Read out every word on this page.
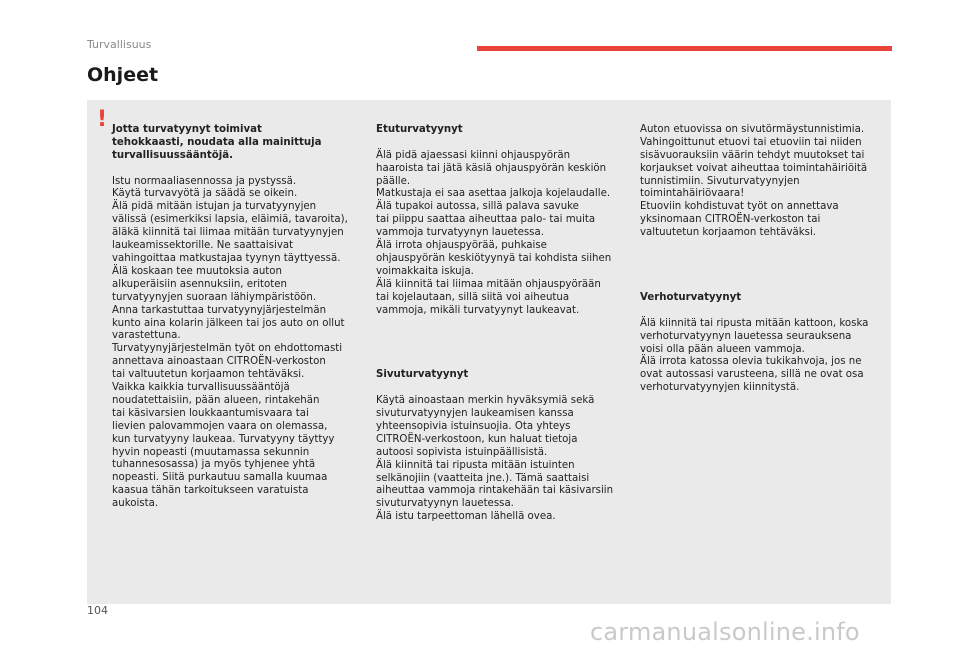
Turvallisuus
Ohjeet
! Jotta turvatyynyt toimivat
tehokkaasti, noudata alla mainittuja
turvallisuussääntöjä.

Istu normaaliasennossa ja pystyssä.
Käytä turvavyötä ja säädä se oikein.
Älä pidä mitään istujan ja turvatyynyjen
välissä (esimerkiksi lapsia, eläimiä, tavaroita),
äläkä kiinnitä tai liimaa mitään turvatyynyjen
laukeamissektorille. Ne saattaisivat
vahingoittaa matkustajaa tyynyn täyttyessä.
Älä koskaan tee muutoksia auton
alkuperäisiin asennuksiin, eritoten
turvatyynyjen suoraan lähiympäristöön.
Anna tarkastuttaa turvatyynyjärjestelmän
kunto aina kolarin jälkeen tai jos auto on ollut
varastettuna.
Turvatyynyjärjestelmän työt on ehdottomasti
annettava ainoastaan CITROËN-verkoston
tai valtuutetun korjaamon tehtäväksi.
Vaikka kaikkia turvallisuussääntöjä
noudatettaisiin, pään alueen, rintakehän
tai käsivarsien loukkaantumisvaara tai
lievien palovammojen vaara on olemassa,
kun turvatyyny laukeaa. Turvatyyny täyttyy
hyvin nopeasti (muutamassa sekunnin
tuhannesosassa) ja myös tyhjenee yhtä
nopeasti. Siitä purkautuu samalla kuumaa
kaasua tähän tarkoitukseen varatuista
aukoista.

Etuturvatyynyt

Älä pidä ajaessasi kiinni ohjauspyörän
haaroista tai jätä käsiä ohjauspyörän keskiön
päälle.
Matkustaja ei saa asettaa jalkoja kojelaudalle.
Älä tupakoi autossa, sillä palava savuke
tai piippu saattaa aiheuttaa palo- tai muita
vammoja turvatyynyn lauetessa.
Älä irrota ohjauspyörää, puhkaise
ohjauspyörän keskiötyynyä tai kohdista siihen
voimakkaita iskuja.
Älä kiinnitä tai liimaa mitään ohjauspyörään
tai kojelautaan, sillä siitä voi aiheutua
vammoja, mikäli turvatyynyt laukeavat.

Sivuturvatyynyt

Käytä ainoastaan merkin hyväksymiä sekä
sivuturvatyynyjen laukeamisen kanssa
yhteensopivia istuinsuojia. Ota yhteys
CITROËN-verkostoon, kun haluat tietoja
autoosi sopivista istuinpäällisistä.
Älä kiinnitä tai ripusta mitään istuinten
selkänojiin (vaatteita jne.). Tämä saattaisi
aiheuttaa vammoja rintakehään tai käsivarsiin
sivuturvatyynyn lauetessa.
Älä istu tarpeettoman lähellä ovea.

Auton etuovissa on sivutörmäystunnistimia.
Vahingoittunut etuovi tai etuoviin tai niiden
sisävuorauksiin väärin tehdyt muutokset tai
korjaukset voivat aiheuttaa toimintahäiriöitä
tunnistimiin. Sivuturvatyynyjen
toimintahäiriövaara!
Etuoviin kohdistuvat työt on annettava
yksinomaan CITROËN-verkoston tai
valtuutetun korjaamon tehtäväksi.

Verhoturvatyynyt

Älä kiinnitä tai ripusta mitään kattoon, koska
verhoturvatyynyn lauetessa seurauksena
voisi olla pään alueen vammoja.
Älä irrota katossa olevia tukikahvoja, jos ne
ovat autossasi varusteena, sillä ne ovat osa
verhoturvatyynyjen kiinnitystä.

104
carmanualsonline.info
